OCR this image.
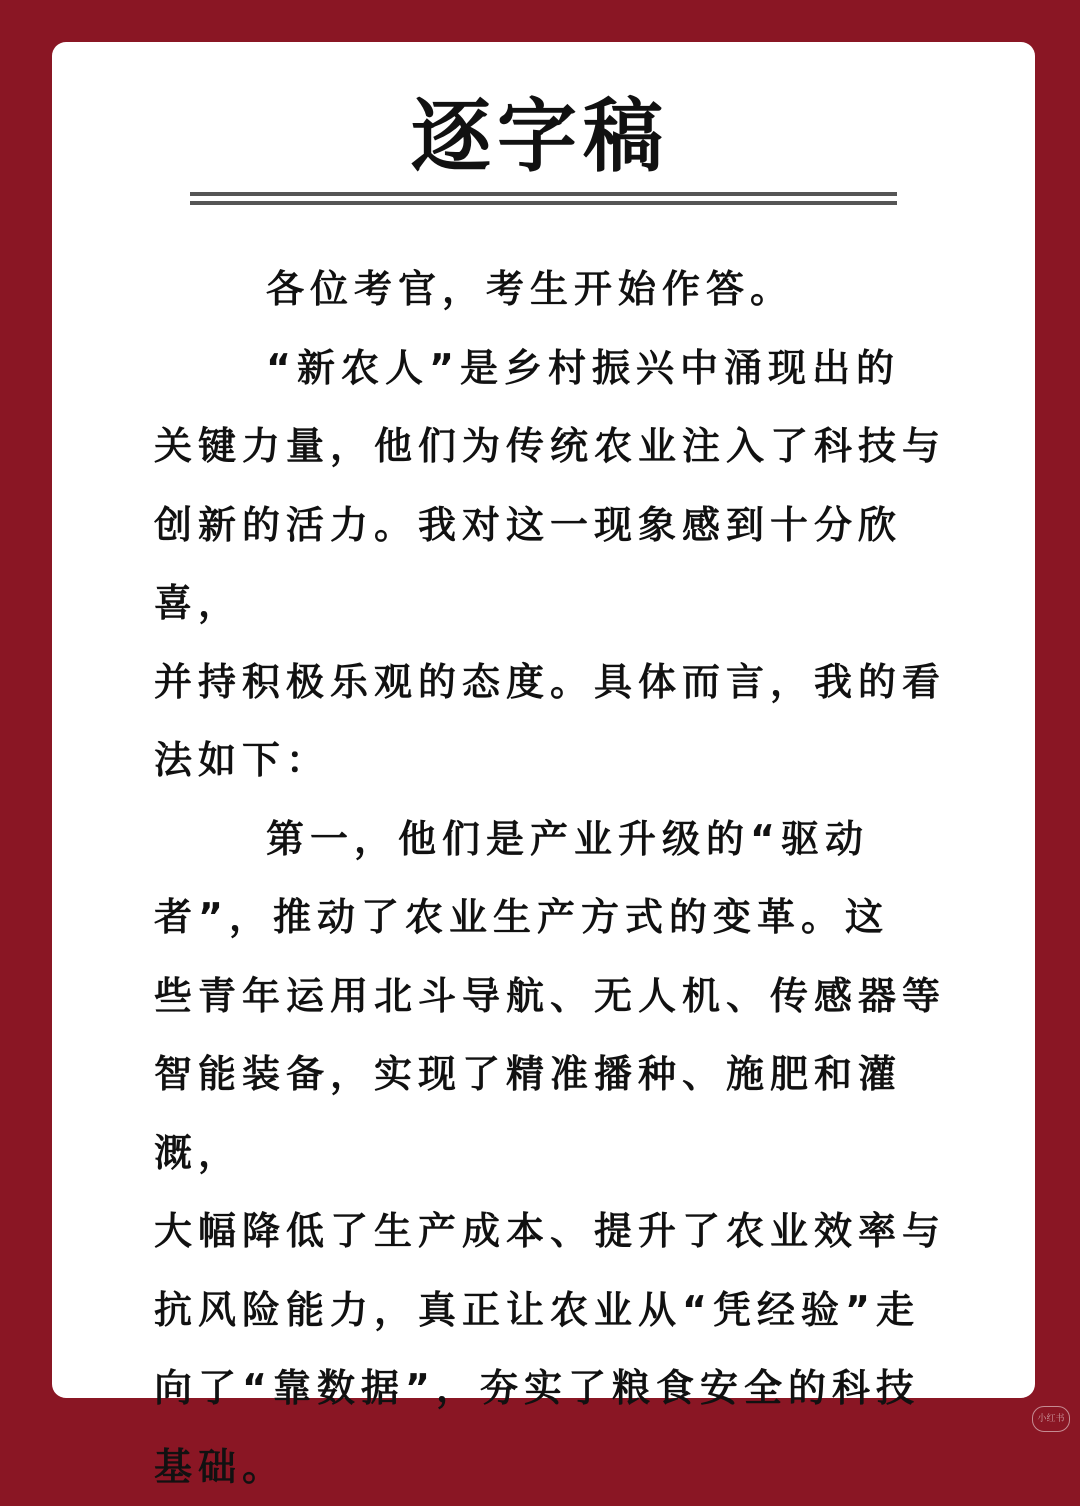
逐字稿
各位考官，考生开始作答。
“新农人”是乡村振兴中涌现出的
关键力量，他们为传统农业注入了科技与
创新的活力。我对这一现象感到十分欣喜，
并持积极乐观的态度。具体而言，我的看
法如下：
第一，他们是产业升级的“驱动
者”，推动了农业生产方式的变革。这
些青年运用北斗导航、无人机、传感器等
智能装备，实现了精准播种、施肥和灌溉，
大幅降低了生产成本、提升了农业效率与
抗风险能力，真正让农业从“凭经验”走
向了“靠数据”，夯实了粮食安全的科技
基础。
小红书
